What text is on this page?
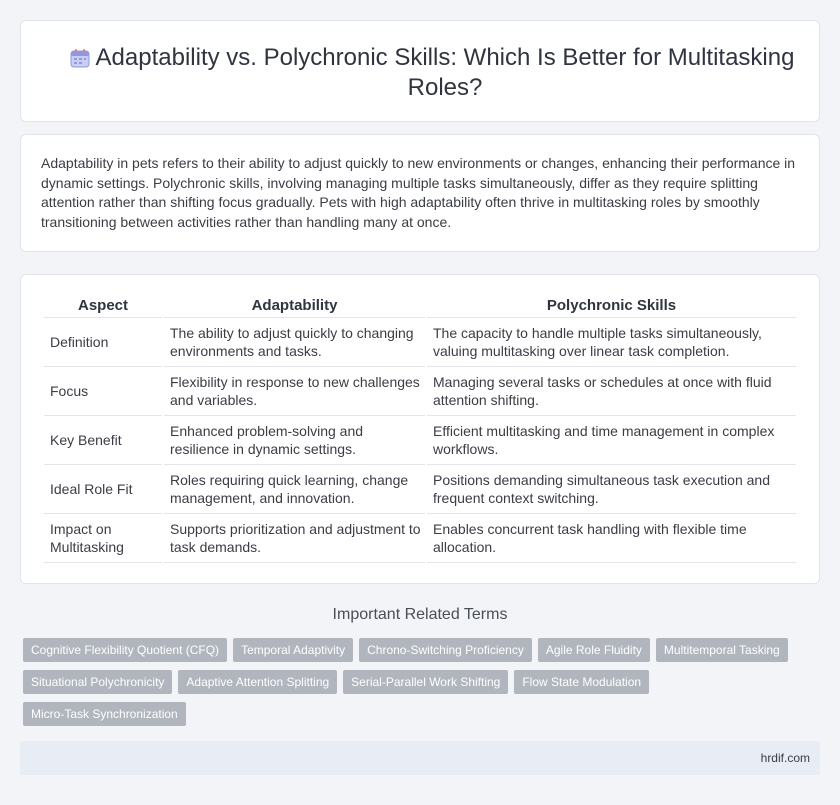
Adaptability vs. Polychronic Skills: Which Is Better for Multitasking Roles?

Adaptability in pets refers to their ability to adjust quickly to new environments or changes, enhancing their performance in dynamic settings. Polychronic skills, involving managing multiple tasks simultaneously, differ as they require splitting attention rather than shifting focus gradually. Pets with high adaptability often thrive in multitasking roles by smoothly transitioning between activities rather than handling many at once.

Aspect	Adaptability	Polychronic Skills
Definition	The ability to adjust quickly to changing environments and tasks.	The capacity to handle multiple tasks simultaneously, valuing multitasking over linear task completion.
Focus	Flexibility in response to new challenges and variables.	Managing several tasks or schedules at once with fluid attention shifting.
Key Benefit	Enhanced problem-solving and resilience in dynamic settings.	Efficient multitasking and time management in complex workflows.
Ideal Role Fit	Roles requiring quick learning, change management, and innovation.	Positions demanding simultaneous task execution and frequent context switching.
Impact on Multitasking	Supports prioritization and adjustment to task demands.	Enables concurrent task handling with flexible time allocation.
Important Related Terms
Cognitive Flexibility Quotient (CFQ)	Temporal Adaptivity	Chrono-Switching Proficiency	Agile Role Fluidity	Multitemporal Tasking
Situational Polychronicity	Adaptive Attention Splitting	Serial-Parallel Work Shifting	Flow State Modulation
Micro-Task Synchronization
hrdif.com
